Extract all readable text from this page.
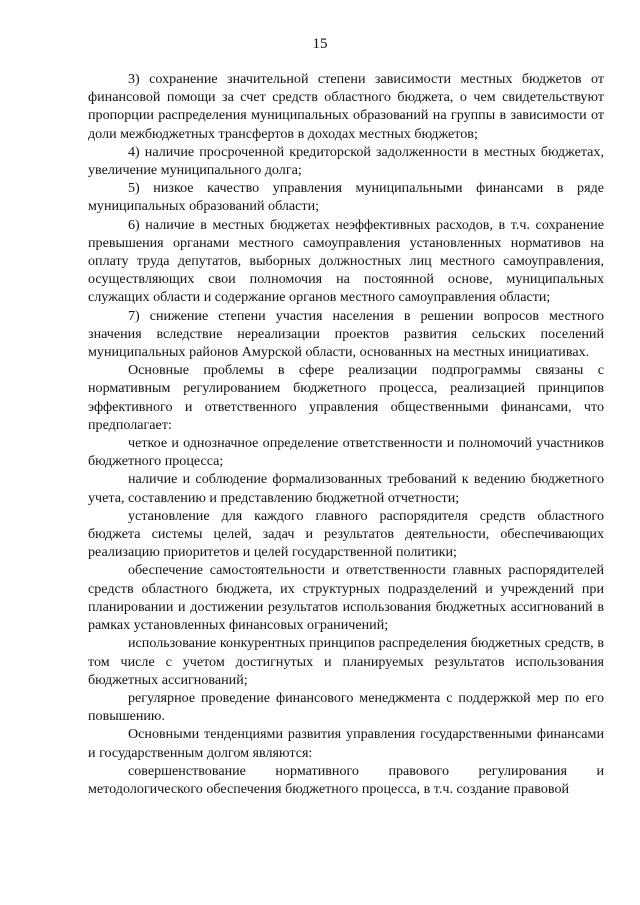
15

3) сохранение значительной степени зависимости местных бюджетов от финансовой помощи за счет средств областного бюджета, о чем свидетельствуют пропорции распределения муниципальных образований на группы в зависимости от доли межбюджетных трансфертов в доходах местных бюджетов;

4) наличие просроченной кредиторской задолженности в местных бюджетах, увеличение муниципального долга;

5) низкое качество управления муниципальными финансами в ряде муниципальных образований области;

6) наличие в местных бюджетах неэффективных расходов, в т.ч. сохранение превышения органами местного самоуправления установленных нормативов на оплату труда депутатов, выборных должностных лиц местного самоуправления, осуществляющих свои полномочия на постоянной основе, муниципальных служащих области и содержание органов местного самоуправления области;

7) снижение степени участия населения в решении вопросов местного значения вследствие нереализации проектов развития сельских поселений муниципальных районов Амурской области, основанных на местных инициативах.

Основные проблемы в сфере реализации подпрограммы связаны с нормативным регулированием бюджетного процесса, реализацией принципов эффективного и ответственного управления общественными финансами, что предполагает:

четкое и однозначное определение ответственности и полномочий участников бюджетного процесса;

наличие и соблюдение формализованных требований к ведению бюджетного учета, составлению и представлению бюджетной отчетности;

установление для каждого главного распорядителя средств областного бюджета системы целей, задач и результатов деятельности, обеспечивающих реализацию приоритетов и целей государственной политики;

обеспечение самостоятельности и ответственности главных распорядителей средств областного бюджета, их структурных подразделений и учреждений при планировании и достижении результатов использования бюджетных ассигнований в рамках установленных финансовых ограничений;

использование конкурентных принципов распределения бюджетных средств, в том числе с учетом достигнутых и планируемых результатов использования бюджетных ассигнований;

регулярное проведение финансового менеджмента с поддержкой мер по его повышению.

Основными тенденциями развития управления государственными финансами и государственным долгом являются:

совершенствование нормативного правового регулирования и методологического обеспечения бюджетного процесса, в т.ч. создание правовой
